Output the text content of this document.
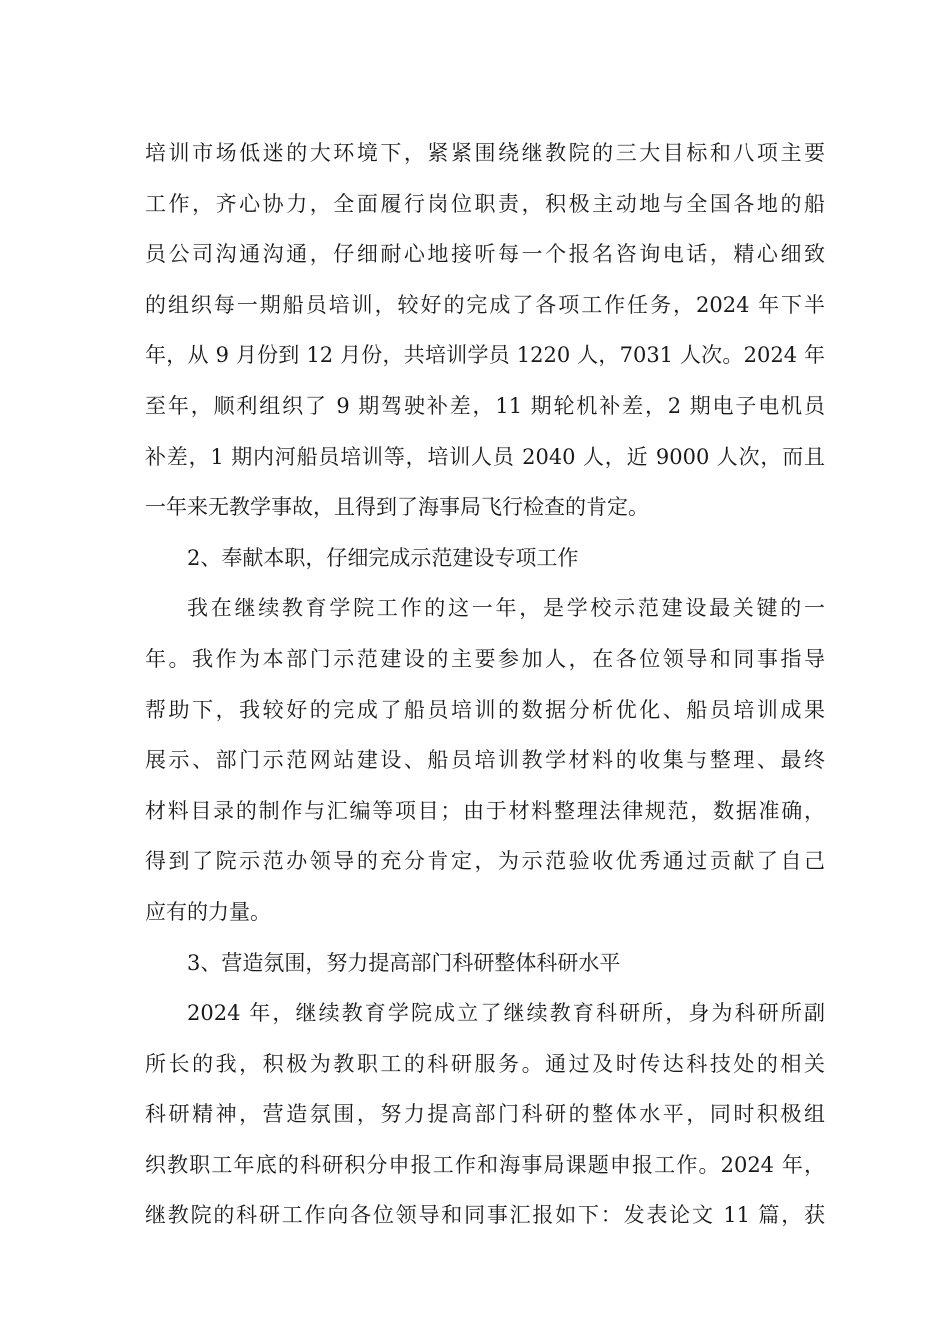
培训市场低迷的大环境下，紧紧围绕继教院的三大目标和八项主要
工作，齐心协力，全面履行岗位职责，积极主动地与全国各地的船
员公司沟通沟通，仔细耐心地接听每一个报名咨询电话，精心细致
的组织每一期船员培训，较好的完成了各项工作任务，2024 年下半
年，从 9 月份到 12 月份，共培训学员 1220 人，7031 人次。2024 年
至年，顺利组织了 9 期驾驶补差，11 期轮机补差，2 期电子电机员
补差，1 期内河船员培训等，培训人员 2040 人，近 9000 人次，而且
一年来无教学事故，且得到了海事局飞行检查的肯定。
2、奉献本职，仔细完成示范建设专项工作
我在继续教育学院工作的这一年，是学校示范建设最关键的一
年。我作为本部门示范建设的主要参加人，在各位领导和同事指导
帮助下，我较好的完成了船员培训的数据分析优化、船员培训成果
展示、部门示范网站建设、船员培训教学材料的收集与整理、最终
材料目录的制作与汇编等项目；由于材料整理法律规范，数据准确，
得到了院示范办领导的充分肯定，为示范验收优秀通过贡献了自己
应有的力量。
3、营造氛围，努力提高部门科研整体科研水平
2024 年，继续教育学院成立了继续教育科研所，身为科研所副
所长的我，积极为教职工的科研服务。通过及时传达科技处的相关
科研精神，营造氛围，努力提高部门科研的整体水平，同时积极组
织教职工年底的科研积分申报工作和海事局课题申报工作。2024 年，
继教院的科研工作向各位领导和同事汇报如下：发表论文 11 篇，获
